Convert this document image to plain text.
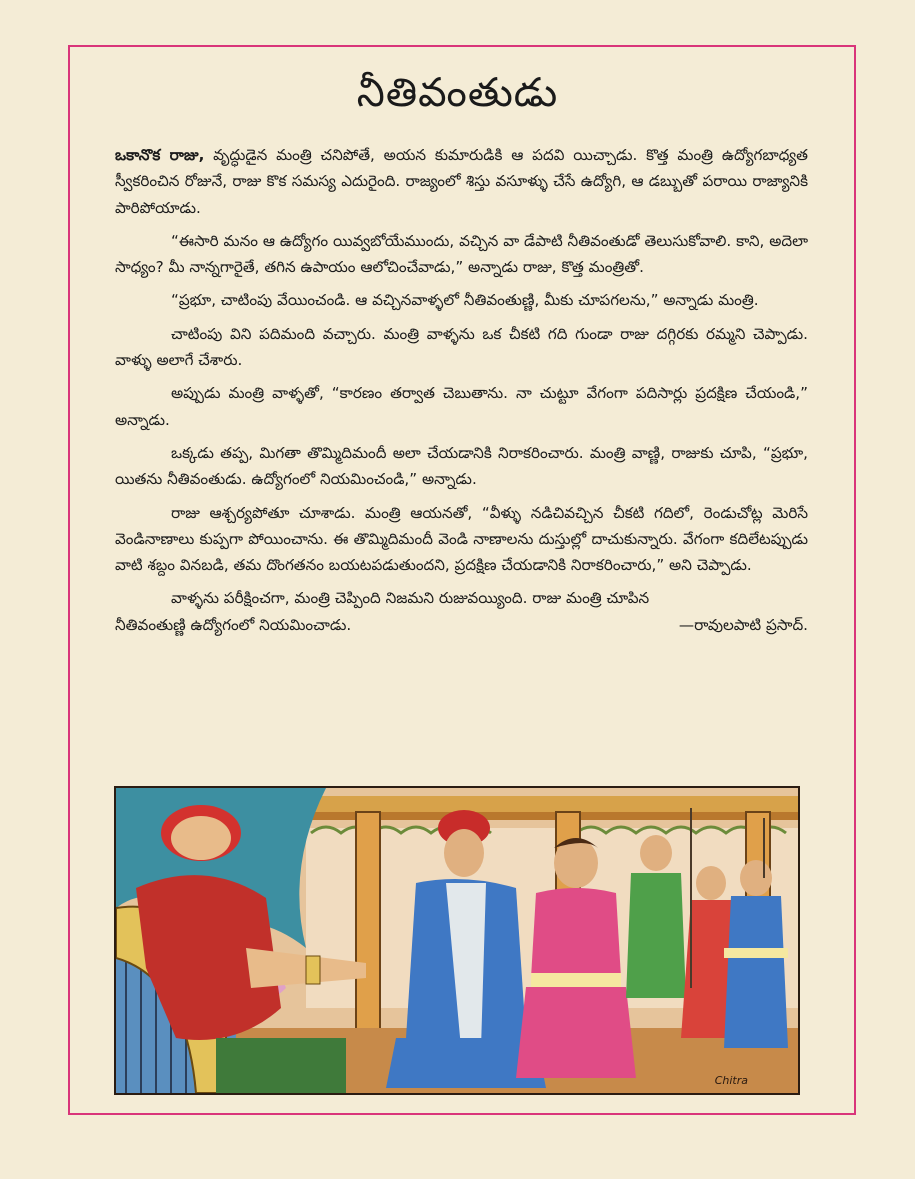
నీతివంతుడు

ఒకానొక రాజు, వృద్ధుడైన మంత్రి చనిపోతే, అయన కుమారుడికి ఆ పదవి యిచ్చాడు. కొత్త మంత్రి ఉద్యోగబాధ్యత స్వీకరించిన రోజునే, రాజు కొక సమస్య ఎదురైంది. రాజ్యంలో శిస్తు వసూళ్ళు చేసే ఉద్యోగి, ఆ డబ్బుతో పరాయి రాజ్యానికి పారిపోయాడు.

“ఈసారి మనం ఆ ఉద్యోగం యివ్వబోయేముందు, వచ్చిన వా డేపాటి నీతివంతుడో తెలుసుకోవాలి. కాని, అదెలా సాధ్యం? మీ నాన్నగారైతే, తగిన ఉపాయం ఆలోచించేవాడు,” అన్నాడు రాజు, కొత్త మంత్రితో.

“ప్రభూ, చాటింపు వేయించండి. ఆ వచ్చినవాళ్ళలో నీతివంతుణ్ణి, మీకు చూపగలను,” అన్నాడు మంత్రి.

చాటింపు విని పదిమంది వచ్చారు. మంత్రి వాళ్ళను ఒక చీకటి గది గుండా రాజు దగ్గిరకు రమ్మని చెప్పాడు. వాళ్ళు అలాగే చేశారు.

అప్పుడు మంత్రి వాళ్ళతో, “కారణం తర్వాత చెబుతాను. నా చుట్టూ వేగంగా పదిసార్లు ప్రదక్షిణ చేయండి,” అన్నాడు.

ఒక్కడు తప్ప, మిగతా తొమ్మిదిమందీ అలా చేయడానికి నిరాకరించారు. మంత్రి వాణ్ణి, రాజుకు చూపి, “ప్రభూ, యితను నీతివంతుడు. ఉద్యోగంలో నియమించండి,” అన్నాడు.

రాజు ఆశ్చర్యపోతూ చూశాడు. మంత్రి ఆయనతో, “వీళ్ళు నడిచివచ్చిన చీకటి గదిలో, రెండుచోట్ల మెరిసే వెండినాణాలు కుప్పగా పోయించాను. ఈ తొమ్మిదిమందీ వెండి నాణాలను దుస్తుల్లో దాచుకున్నారు. వేగంగా కదిలేటప్పుడు వాటి శబ్దం వినబడి, తమ దొంగతనం బయటపడుతుందని, ప్రదక్షిణ చేయడానికి నిరాకరించారు,” అని చెప్పాడు.

వాళ్ళను పరీక్షించగా, మంత్రి చెప్పింది నిజమని రుజువయ్యింది. రాజు మంత్రి చూపిన

నీతివంతుణ్ణి ఉద్యోగంలో నియమించాడు.	—రావులపాటి ప్రసాద్.
Chitra
